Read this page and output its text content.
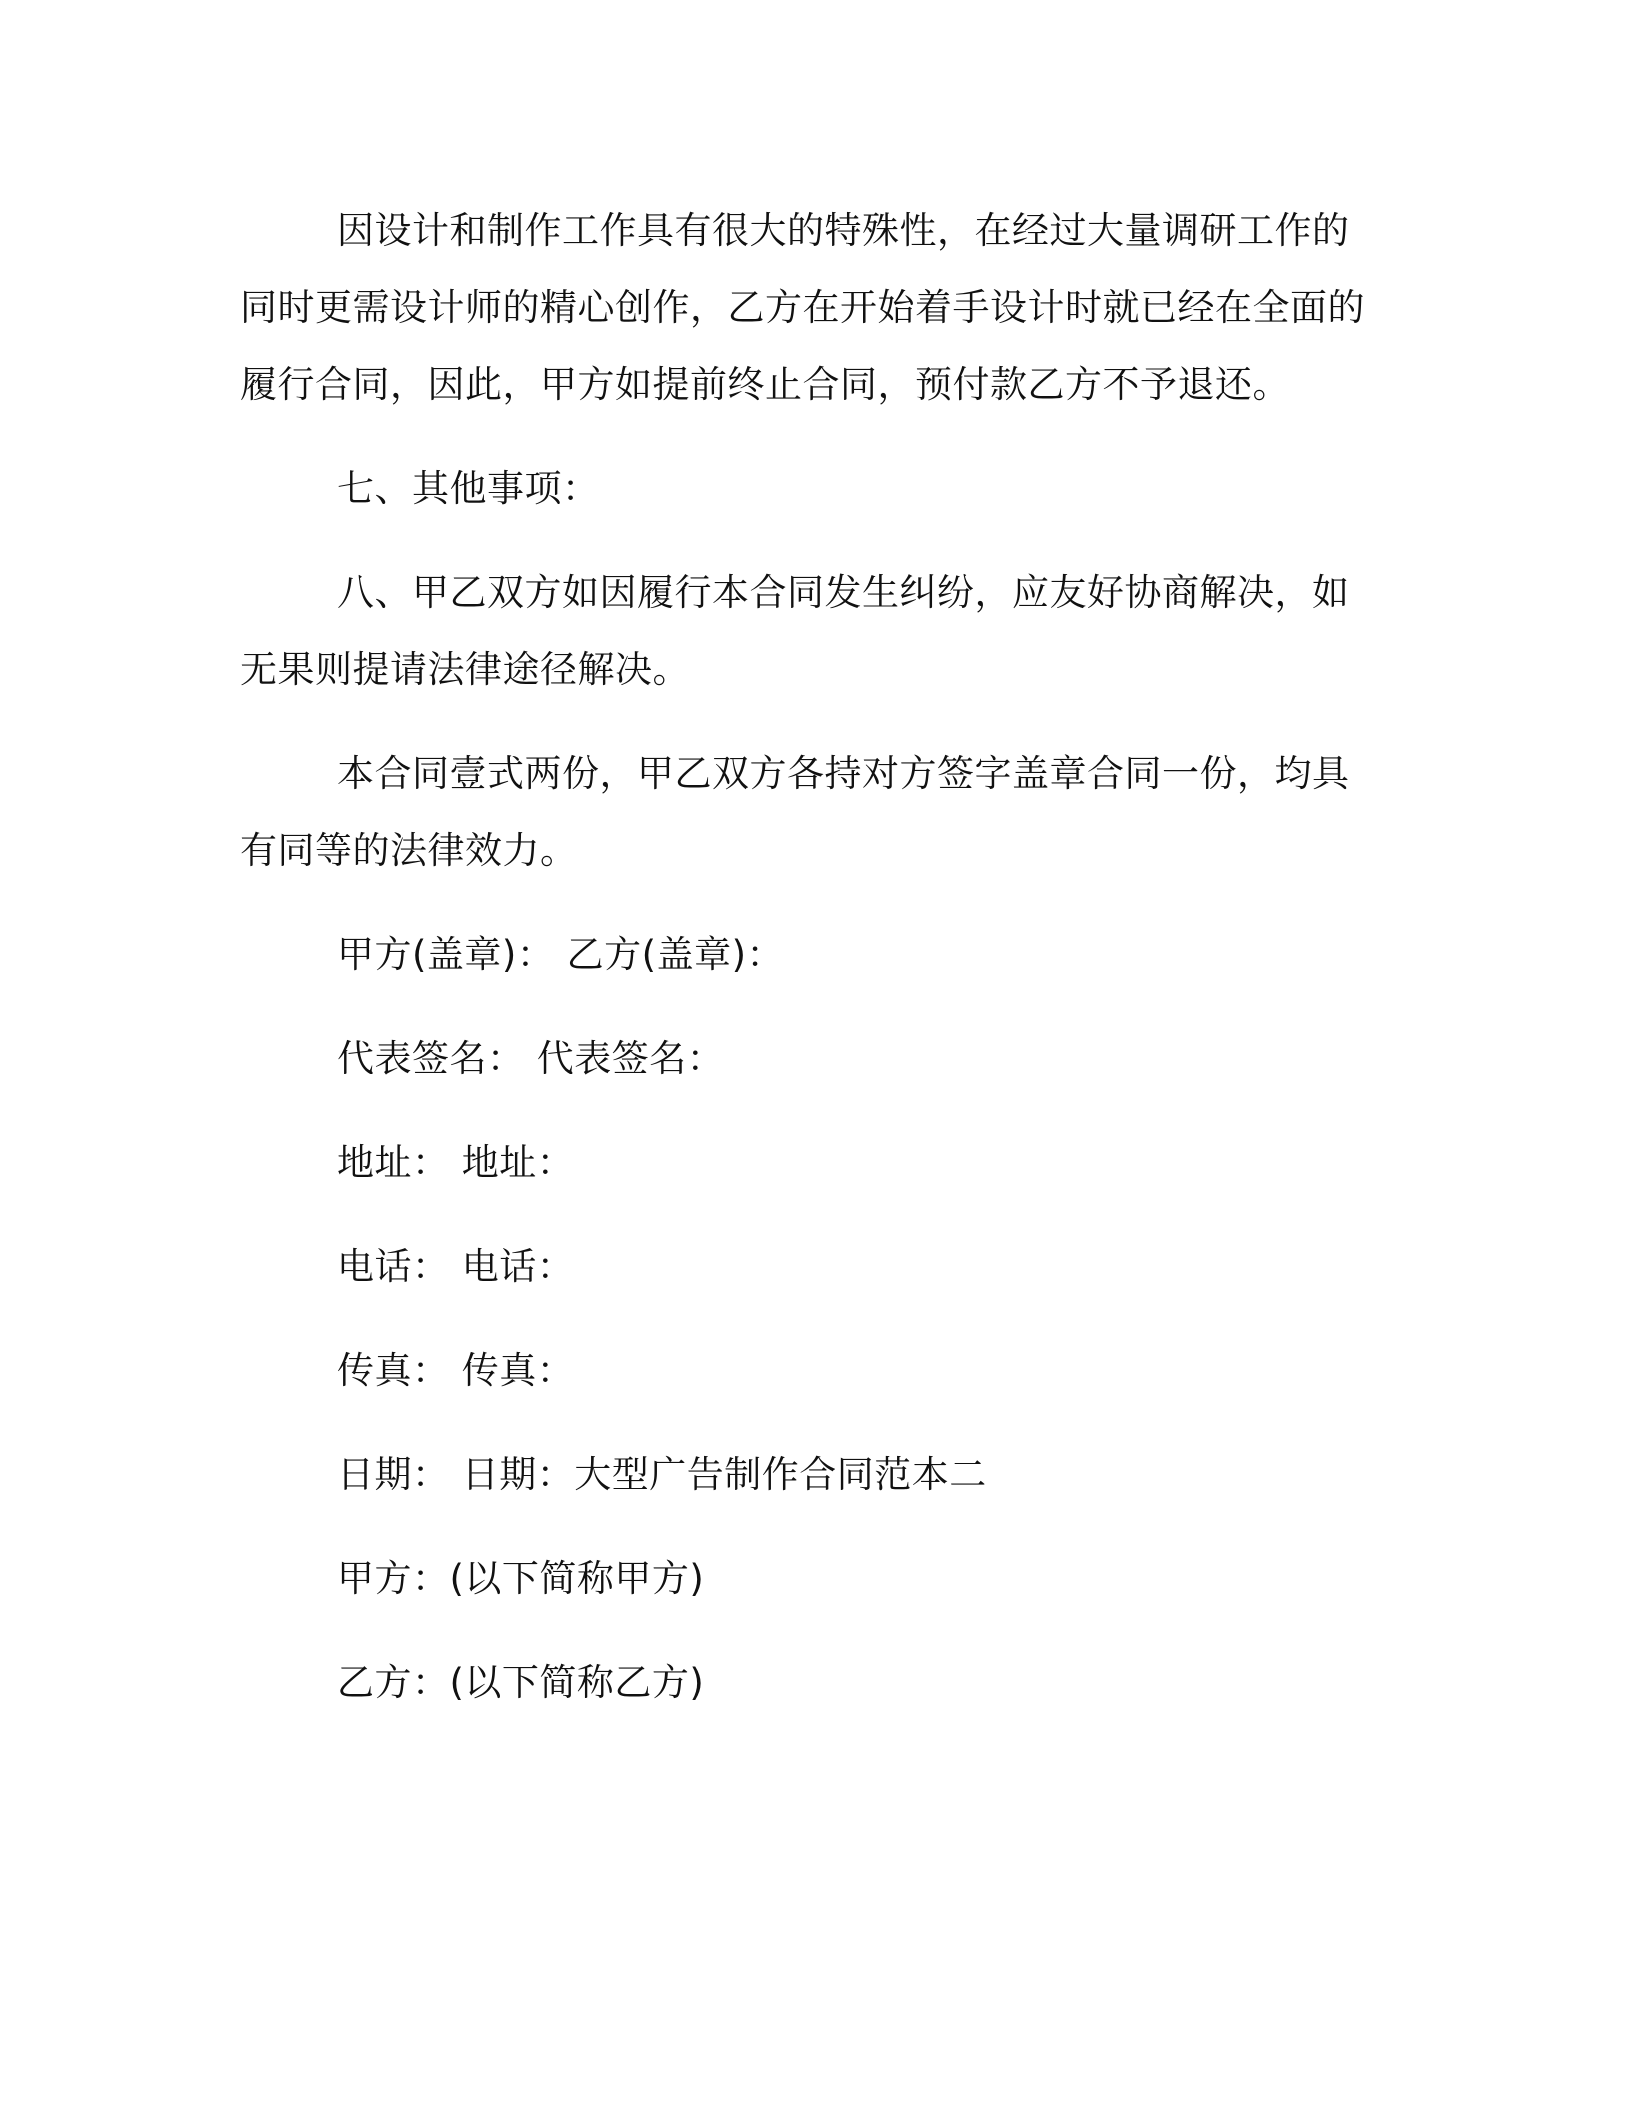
因设计和制作工作具有很大的特殊性，在经过大量调研工作的同时更需设计师的精心创作，乙方在开始着手设计时就已经在全面的履行合同，因此，甲方如提前终止合同，预付款乙方不予退还。

七、其他事项：

八、甲乙双方如因履行本合同发生纠纷，应友好协商解决，如无果则提请法律途径解决。

本合同壹式两份，甲乙双方各持对方签字盖章合同一份，均具有同等的法律效力。

甲方(盖章)： 乙方(盖章)：

代表签名： 代表签名：

地址： 地址：

电话： 电话：

传真： 传真：

日期： 日期：大型广告制作合同范本二

甲方：(以下简称甲方)

乙方：(以下简称乙方)
